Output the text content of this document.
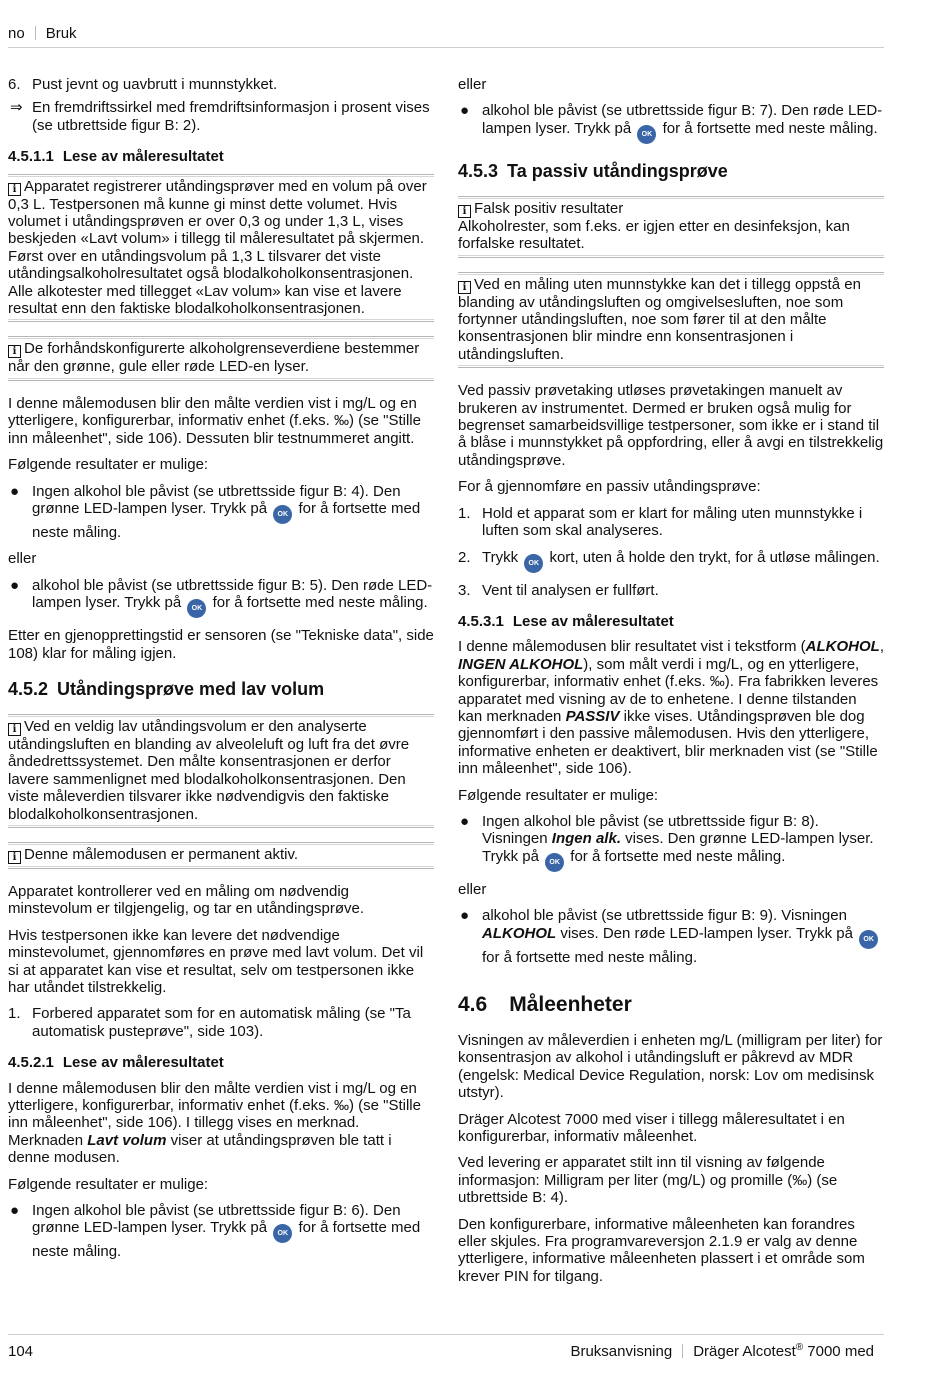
no Bruk
6. Pust jevnt og uavbrutt i munnstykket.
⇒ En fremdriftssirkel med fremdriftsinformasjon i prosent vises (se utbrettside figur B: 2).
4.5.1.1 Lese av måleresultatet
i Apparatet registrerer utåndingsprøver med en volum på over 0,3 L. Testpersonen må kunne gi minst dette volumet. Hvis volumet i utåndingsprøven er over 0,3 og under 1,3 L, vises beskjeden «Lavt volum» i tillegg til måleresultatet på skjermen. Først over en utåndingsvolum på 1,3 L tilsvarer det viste utåndingsalkoholresultatet også blodalkoholkonsentrasjonen. Alle alkotester med tillegget «Lav volum» kan vise et lavere resultat enn den faktiske blodalkoholkonsentrasjonen.
i De forhåndskonfigurerte alkoholgrenseverdiene bestemmer når den grønne, gule eller røde LED-en lyser.

I denne målemodusen blir den målte verdien vist i mg/L og en ytterligere, konfigurerbar, informativ enhet (f.eks. ‰) (se "Stille inn måleenhet", side 106). Dessuten blir testnummeret angitt.

Følgende resultater er mulige:

● Ingen alkohol ble påvist (se utbrettsside figur B: 4). Den grønne LED-lampen lyser. Trykk på OK for å fortsette med neste måling.

eller

● alkohol ble påvist (se utbrettsside figur B: 5). Den røde LED-lampen lyser. Trykk på OK for å fortsette med neste måling.

Etter en gjenopprettingstid er sensoren (se "Tekniske data", side 108) klar for måling igjen.

4.5.2 Utåndingsprøve med lav volum
i Ved en veldig lav utåndingsvolum er den analyserte utåndingsluften en blanding av alveoleluft og luft fra det øvre åndedrettssystemet. Den målte konsentrasjonen er derfor lavere sammenlignet med blodalkoholkonsentrasjonen. Den viste måleverdien tilsvarer ikke nødvendigvis den faktiske blodalkoholkonsentrasjonen.
i Denne målemodusen er permanent aktiv.

Apparatet kontrollerer ved en måling om nødvendig minstevolum er tilgjengelig, og tar en utåndingsprøve.

Hvis testpersonen ikke kan levere det nødvendige minstevolumet, gjennomføres en prøve med lavt volum. Det vil si at apparatet kan vise et resultat, selv om testpersonen ikke har utåndet tilstrekkelig.

1. Forbered apparatet som for en automatisk måling (se "Ta automatisk pusteprøve", side 103).
4.5.2.1 Lese av måleresultatet

I denne målemodusen blir den målte verdien vist i mg/L og en ytterligere, konfigurerbar, informativ enhet (f.eks. ‰) (se "Stille inn måleenhet", side 106). I tillegg vises en merknad. Merknaden Lavt volum viser at utåndingsprøven ble tatt i denne modusen.

Følgende resultater er mulige:

● Ingen alkohol ble påvist (se utbrettsside figur B: 6). Den grønne LED-lampen lyser. Trykk på OK for å fortsette med neste måling.

eller

● alkohol ble påvist (se utbrettsside figur B: 7). Den røde LED-lampen lyser. Trykk på OK for å fortsette med neste måling.
4.5.3 Ta passiv utåndingsprøve
i Falsk positiv resultater
Alkoholrester, som f.eks. er igjen etter en desinfeksjon, kan forfalske resultatet.
i Ved en måling uten munnstykke kan det i tillegg oppstå en blanding av utåndingsluften og omgivelsesluften, noe som fortynner utåndingsluften, noe som fører til at den målte konsentrasjonen blir mindre enn konsentrasjonen i utåndingsluften.

Ved passiv prøvetaking utløses prøvetakingen manuelt av brukeren av instrumentet. Dermed er bruken også mulig for begrenset samarbeidsvillige testpersoner, som ikke er i stand til å blåse i munnstykket på oppfordring, eller å avgi en tilstrekkelig utåndingsprøve.

For å gjennomføre en passiv utåndingsprøve:

1. Hold et apparat som er klart for måling uten munnstykke i luften som skal analyseres.
2. Trykk OK kort, uten å holde den trykt, for å utløse målingen.
3. Vent til analysen er fullført.
4.5.3.1 Lese av måleresultatet

I denne målemodusen blir resultatet vist i tekstform (ALKOHOL, INGEN ALKOHOL), som målt verdi i mg/L, og en ytterligere, konfigurerbar, informativ enhet (f.eks. ‰). Fra fabrikken leveres apparatet med visning av de to enhetene. I denne tilstanden kan merknaden PASSIV ikke vises. Utåndingsprøven ble dog gjennomført i den passive målemodusen. Hvis den ytterligere, informative enheten er deaktivert, blir merknaden vist (se "Stille inn måleenhet", side 106).

Følgende resultater er mulige:

● Ingen alkohol ble påvist (se utbrettsside figur B: 8). Visningen Ingen alk. vises. Den grønne LED-lampen lyser. Trykk på OK for å fortsette med neste måling.

eller

● alkohol ble påvist (se utbrettsside figur B: 9). Visningen ALKOHOL vises. Den røde LED-lampen lyser. Trykk på OK for å fortsette med neste måling.
4.6 Måleenheter

Visningen av måleverdien i enheten mg/L (milligram per liter) for konsentrasjon av alkohol i utåndingsluft er påkrevd av MDR (engelsk: Medical Device Regulation, norsk: Lov om medisinsk utstyr).

Dräger Alcotest 7000 med viser i tillegg måleresultatet i en konfigurerbar, informativ måleenhet.

Ved levering er apparatet stilt inn til visning av følgende informasjon: Milligram per liter (mg/L) og promille (‰) (se utbrettside B: 4).

Den konfigurerbare, informative måleenheten kan forandres eller skjules. Fra programvareversjon 2.1.9 er valg av denne ytterligere, informative måleenheten plassert i et område som krever PIN for tilgang.

104	Bruksanvisning Dräger Alcotest® 7000 med
